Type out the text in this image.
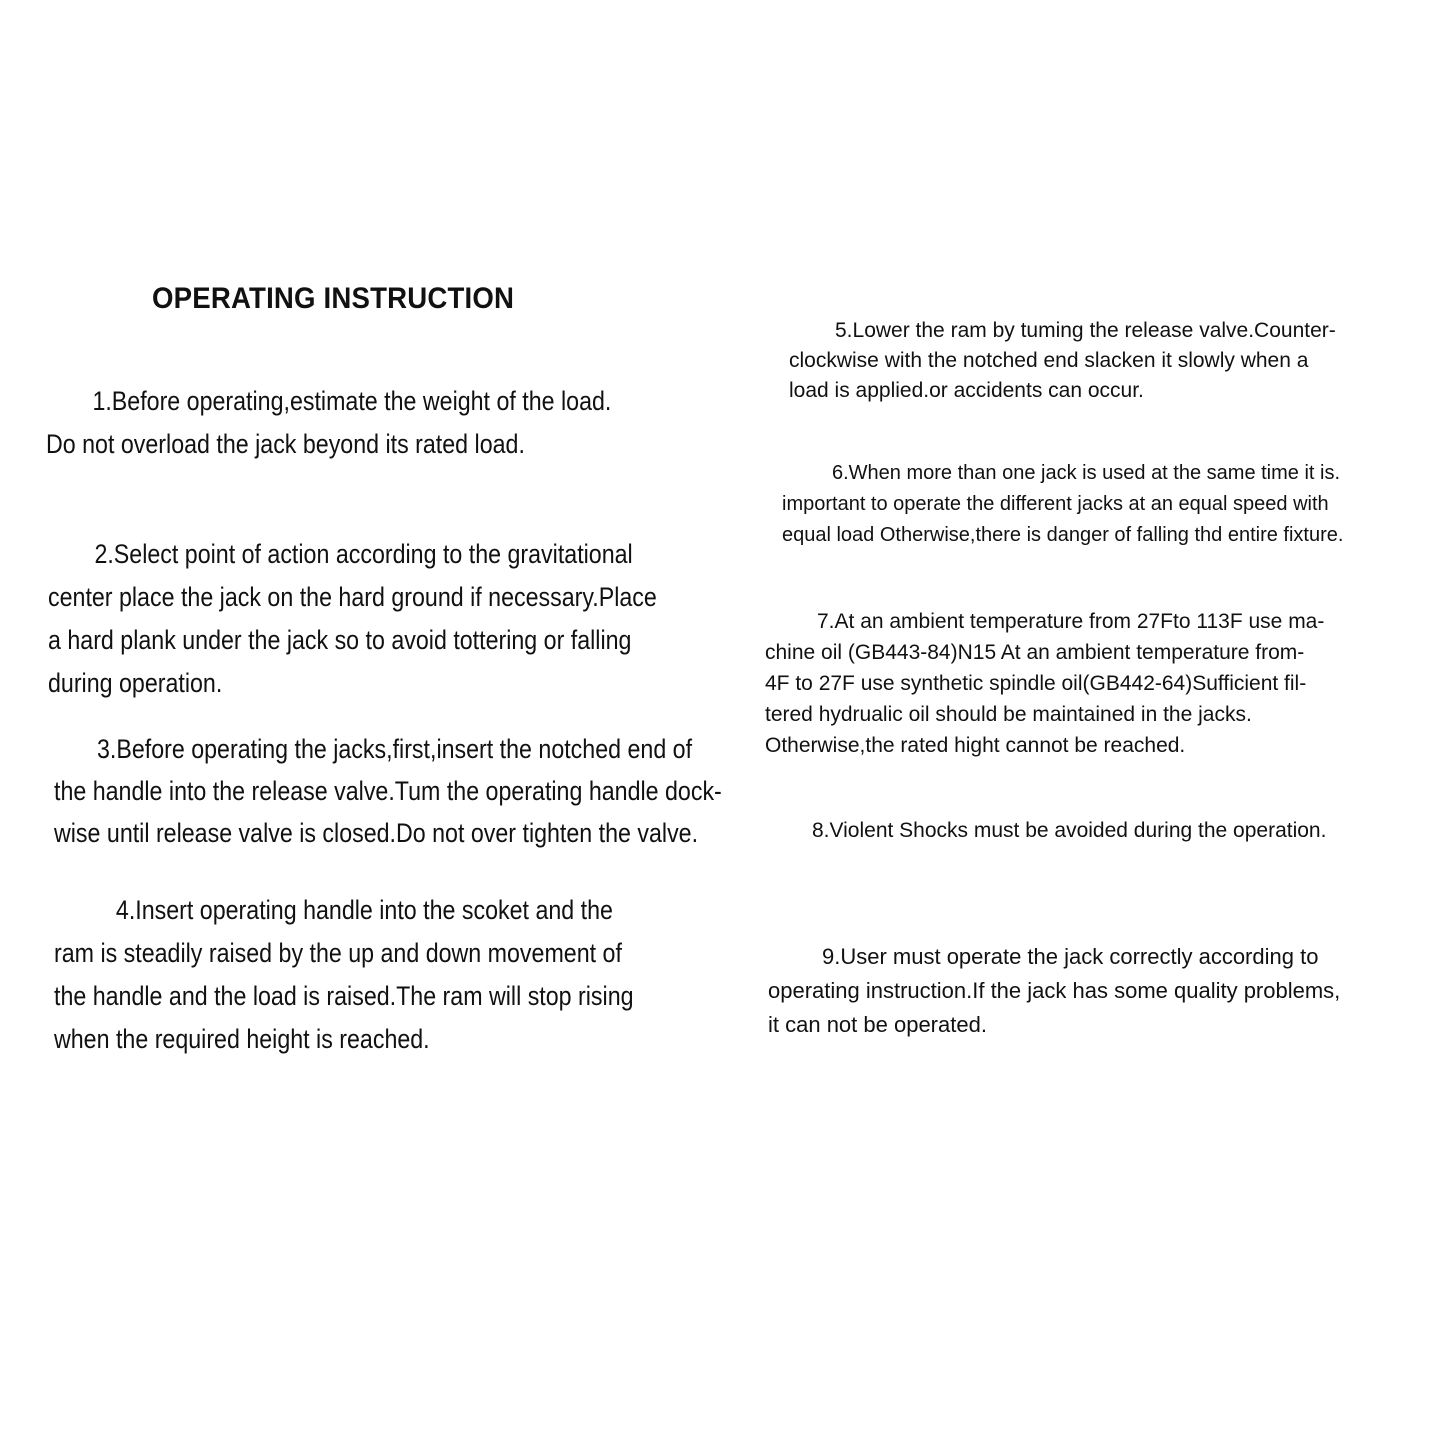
OPERATING INSTRUCTION

1.Before operating,estimate the weight of the load.
Do not overload the jack beyond its rated load.

2.Select point of action according to the gravitational
center place the jack on the hard ground if necessary.Place
a hard plank under the jack so to avoid tottering or falling
during operation.

3.Before operating the jacks,first,insert the notched end of
the handle into the release valve.Tum the operating handle dock-
wise until release valve is closed.Do not over tighten the valve.

4.Insert operating handle into the scoket and the
ram is steadily raised by the up and down movement of
the handle and the load is raised.The ram will stop rising
when the required height is reached.

5.Lower the ram by tuming the release valve.Counter-
clockwise with the notched end slacken it slowly when a
load is applied.or accidents can occur.

6.When more than one jack is used at the same time it is.
important to operate the different jacks at an equal speed with
equal load Otherwise,there is danger of falling thd entire fixture.

7.At an ambient temperature from 27Fto 113F use ma-
chine oil (GB443-84)N15 At an ambient temperature from-
4F to 27F use synthetic spindle oil(GB442-64)Sufficient fil-
tered hydrualic oil should be maintained in the jacks.
Otherwise,the rated hight cannot be reached.

8.Violent Shocks must be avoided during the operation.

9.User must operate the jack correctly according to
operating instruction.If the jack has some quality problems,
it can not be operated.
